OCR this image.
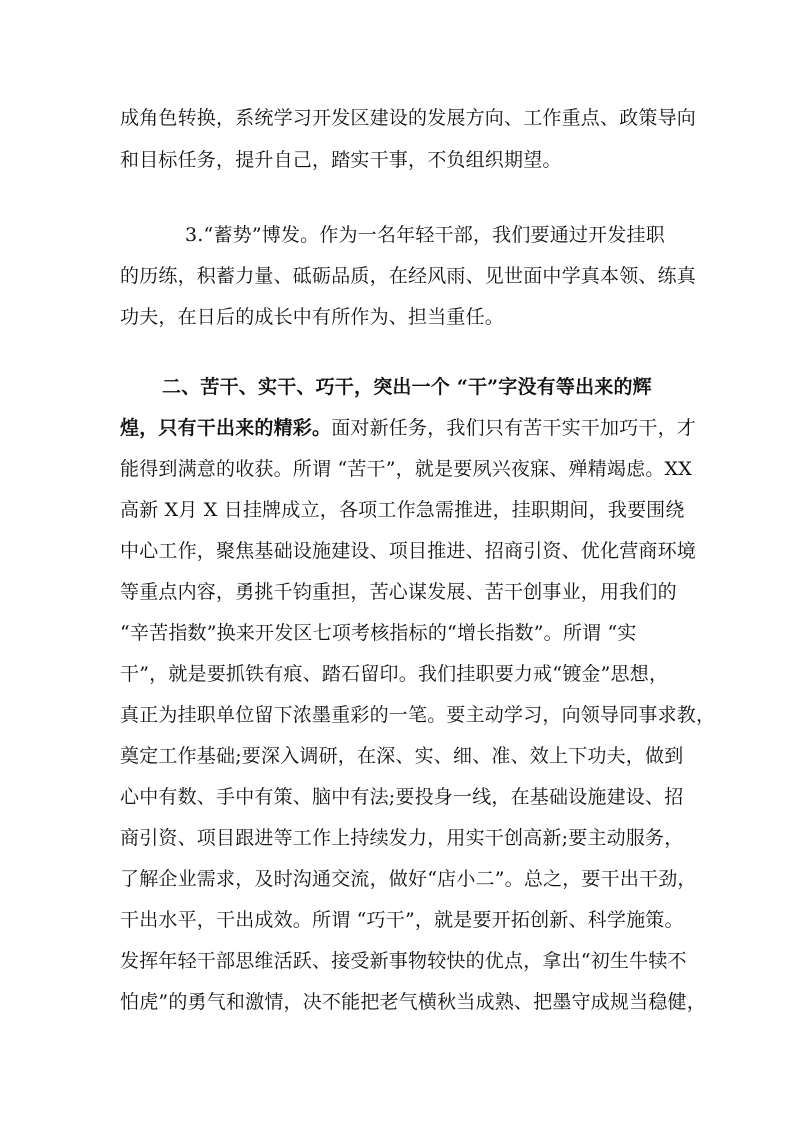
成角色转换，系统学习开发区建设的发展方向、工作重点、政策导向
和目标任务，提升自己，踏实干事，不负组织期望。
3.“蓄势”博发。作为一名年轻干部，我们要通过开发挂职
的历练，积蓄力量、砥砺品质，在经风雨、见世面中学真本领、练真
功夫，在日后的成长中有所作为、担当重任。
二、苦干、实干、巧干，突出一个 “干”字没有等出来的辉
煌，只有干出来的精彩。面对新任务，我们只有苦干实干加巧干，才
能得到满意的收获。所谓 “苦干”，就是要夙兴夜寐、殚精竭虑。XX
高新 X月 X 日挂牌成立，各项工作急需推进，挂职期间，我要围绕
中心工作，聚焦基础设施建设、项目推进、招商引资、优化营商环境
等重点内容，勇挑千钧重担，苦心谋发展、苦干创事业，用我们的
“辛苦指数”换来开发区七项考核指标的“增长指数”。所谓 “实
干”，就是要抓铁有痕、踏石留印。我们挂职要力戒“镀金”思想，
真正为挂职单位留下浓墨重彩的一笔。要主动学习，向领导同事求教，
奠定工作基础;要深入调研，在深、实、细、准、效上下功夫，做到
心中有数、手中有策、脑中有法;要投身一线，在基础设施建设、招
商引资、项目跟进等工作上持续发力，用实干创高新;要主动服务，
了解企业需求，及时沟通交流，做好“店小二”。总之，要干出干劲，
干出水平，干出成效。所谓 “巧干”，就是要开拓创新、科学施策。
发挥年轻干部思维活跃、接受新事物较快的优点，拿出“初生牛犊不
怕虎”的勇气和激情，决不能把老气横秋当成熟、把墨守成规当稳健，
